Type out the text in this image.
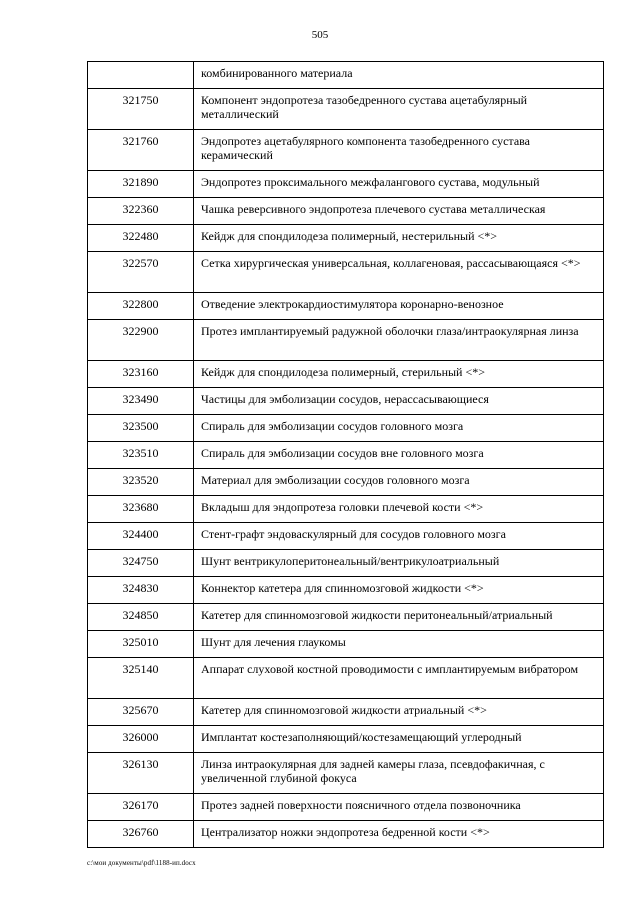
505
	комбинированного материала
321750	Компонент эндопротеза тазобедренного сустава ацетабулярный металлический
321760	Эндопротез ацетабулярного компонента тазобедренного сустава керамический
321890	Эндопротез проксимального межфалангового сустава, модульный
322360	Чашка реверсивного эндопротеза плечевого сустава металлическая
322480	Кейдж для спондилодеза полимерный, нестерильный <*>
322570	Сетка хирургическая универсальная, коллагеновая, рассасывающаяся <*>
322800	Отведение электрокардиостимулятора коронарно-венозное
322900	Протез имплантируемый радужной оболочки глаза/интраокулярная линза
323160	Кейдж для спондилодеза полимерный, стерильный <*>
323490	Частицы для эмболизации сосудов, нерассасывающиеся
323500	Спираль для эмболизации сосудов головного мозга
323510	Спираль для эмболизации сосудов вне головного мозга
323520	Материал для эмболизации сосудов головного мозга
323680	Вкладыш для эндопротеза головки плечевой кости <*>
324400	Стент-графт эндоваскулярный для сосудов головного мозга
324750	Шунт вентрикулоперитонеальный/вентрикулоатриальный
324830	Коннектор катетера для спинномозговой жидкости <*>
324850	Катетер для спинномозговой жидкости перитонеальный/атриальный
325010	Шунт для лечения глаукомы
325140	Аппарат слуховой костной проводимости с имплантируемым вибратором
325670	Катетер для спинномозговой жидкости атриальный <*>
326000	Имплантат костезаполняющий/костезамещающий углеродный
326130	Линза интраокулярная для задней камеры глаза, псевдофакичная, с увеличенной глубиной фокуса
326170	Протез задней поверхности поясничного отдела позвоночника
326760	Централизатор ножки эндопротеза бедренной кости <*>
c:\мои документы\pdf\1188-ип.docx
